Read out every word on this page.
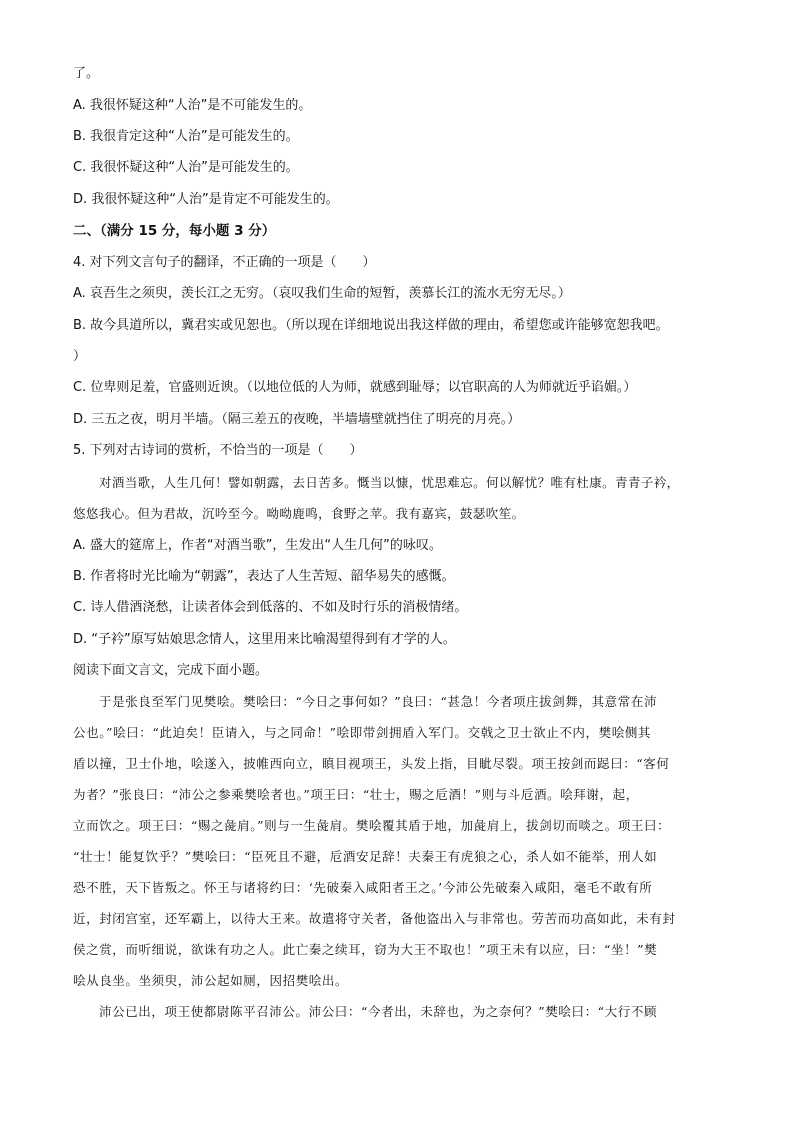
了。
A. 我很怀疑这种“人治”是不可能发生的。
B. 我很肯定这种“人治”是可能发生的。
C. 我很怀疑这种“人治”是可能发生的。
D. 我很怀疑这种“人治”是肯定不可能发生的。
二、（满分 15 分，每小题 3 分）
4. 对下列文言句子的翻译，不正确的一项是（　　）
A. 哀吾生之须臾，羡长江之无穷。（哀叹我们生命的短暂，羡慕长江的流水无穷无尽。）
B. 故今具道所以，冀君实或见恕也。（所以现在详细地说出我这样做的理由，希望您或许能够宽恕我吧。
）
C. 位卑则足羞，官盛则近谀。（以地位低的人为师，就感到耻辱；以官职高的人为师就近乎谄媚。）
D. 三五之夜，明月半墙。（隔三差五的夜晚，半墙墙壁就挡住了明亮的月亮。）
5. 下列对古诗词的赏析，不恰当的一项是（　　）
对酒当歌，人生几何！譬如朝露，去日苦多。慨当以慷，忧思难忘。何以解忧？唯有杜康。青青子衿，
悠悠我心。但为君故，沉吟至今。呦呦鹿鸣，食野之苹。我有嘉宾，鼓瑟吹笙。
A. 盛大的筵席上，作者“对酒当歌”，生发出“人生几何”的咏叹。
B. 作者将时光比喻为“朝露”，表达了人生苦短、韶华易失的感慨。
C. 诗人借酒浇愁，让读者体会到低落的、不如及时行乐的消极情绪。
D. “子衿”原写姑娘思念情人，这里用来比喻渴望得到有才学的人。
阅读下面文言文，完成下面小题。
于是张良至军门见樊哙。樊哙曰：“今日之事何如？”良曰：“甚急！今者项庄拔剑舞，其意常在沛
公也。”哙曰：“此迫矣！臣请入，与之同命！”哙即带剑拥盾入军门。交戟之卫士欲止不内，樊哙侧其
盾以撞，卫士仆地，哙遂入，披帷西向立，瞋目视项王，头发上指，目眦尽裂。项王按剑而跽曰：“客何
为者？”张良曰：“沛公之参乘樊哙者也。”项王曰：“壮士，赐之卮酒！”则与斗卮酒。哙拜谢，起，
立而饮之。项王曰：“赐之彘肩。”则与一生彘肩。樊哙覆其盾于地，加彘肩上，拔剑切而啖之。项王曰：
“壮士！能复饮乎？”樊哙曰：“臣死且不避，卮酒安足辞！夫秦王有虎狼之心，杀人如不能举，刑人如
恐不胜，天下皆叛之。怀王与诸将约曰：‘先破秦入咸阳者王之。’今沛公先破秦入咸阳，毫毛不敢有所
近，封闭宫室，还军霸上，以待大王来。故遣将守关者，备他盗出入与非常也。劳苦而功高如此，未有封
侯之赏，而听细说，欲诛有功之人。此亡秦之续耳，窃为大王不取也！”项王未有以应，曰：“坐！”樊
哙从良坐。坐须臾，沛公起如厕，因招樊哙出。
沛公已出，项王使都尉陈平召沛公。沛公曰：“今者出，未辞也，为之奈何？”樊哙曰：“大行不顾
